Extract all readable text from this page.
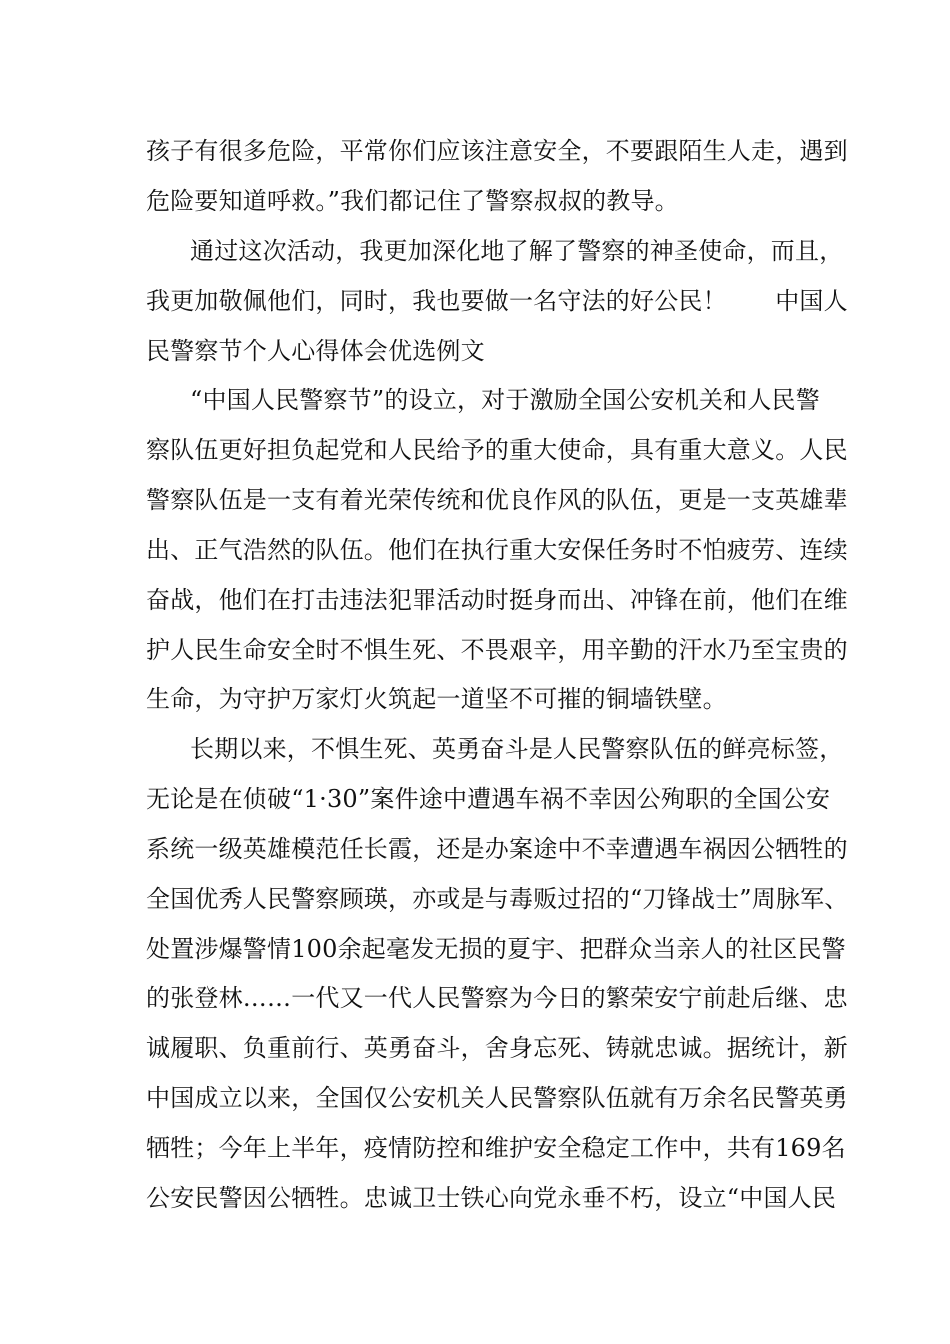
孩子有很多危险，平常你们应该注意安全，不要跟陌生人走，遇到
危险要知道呼救。”我们都记住了警察叔叔的教导。
通过这次活动，我更加深化地了解了警察的神圣使命，而且，
我更加敬佩他们，同时，我也要做一名守法的好公民！　　中国人
民警察节个人心得体会优选例文
“中国人民警察节”的设立，对于激励全国公安机关和人民警
察队伍更好担负起党和人民给予的重大使命，具有重大意义。人民
警察队伍是一支有着光荣传统和优良作风的队伍，更是一支英雄辈
出、正气浩然的队伍。他们在执行重大安保任务时不怕疲劳、连续
奋战，他们在打击违法犯罪活动时挺身而出、冲锋在前，他们在维
护人民生命安全时不惧生死、不畏艰辛，用辛勤的汗水乃至宝贵的
生命，为守护万家灯火筑起一道坚不可摧的铜墙铁壁。
长期以来，不惧生死、英勇奋斗是人民警察队伍的鲜亮标签，
无论是在侦破“1·30”案件途中遭遇车祸不幸因公殉职的全国公安
系统一级英雄模范任长霞，还是办案途中不幸遭遇车祸因公牺牲的
全国优秀人民警察顾瑛，亦或是与毒贩过招的“刀锋战士”周脉军、
处置涉爆警情100余起毫发无损的夏宇、把群众当亲人的社区民警
的张登林……一代又一代人民警察为今日的繁荣安宁前赴后继、忠
诚履职、负重前行、英勇奋斗，舍身忘死、铸就忠诚。据统计，新
中国成立以来，全国仅公安机关人民警察队伍就有万余名民警英勇
牺牲；今年上半年，疫情防控和维护安全稳定工作中，共有169名
公安民警因公牺牲。忠诚卫士铁心向党永垂不朽，设立“中国人民
